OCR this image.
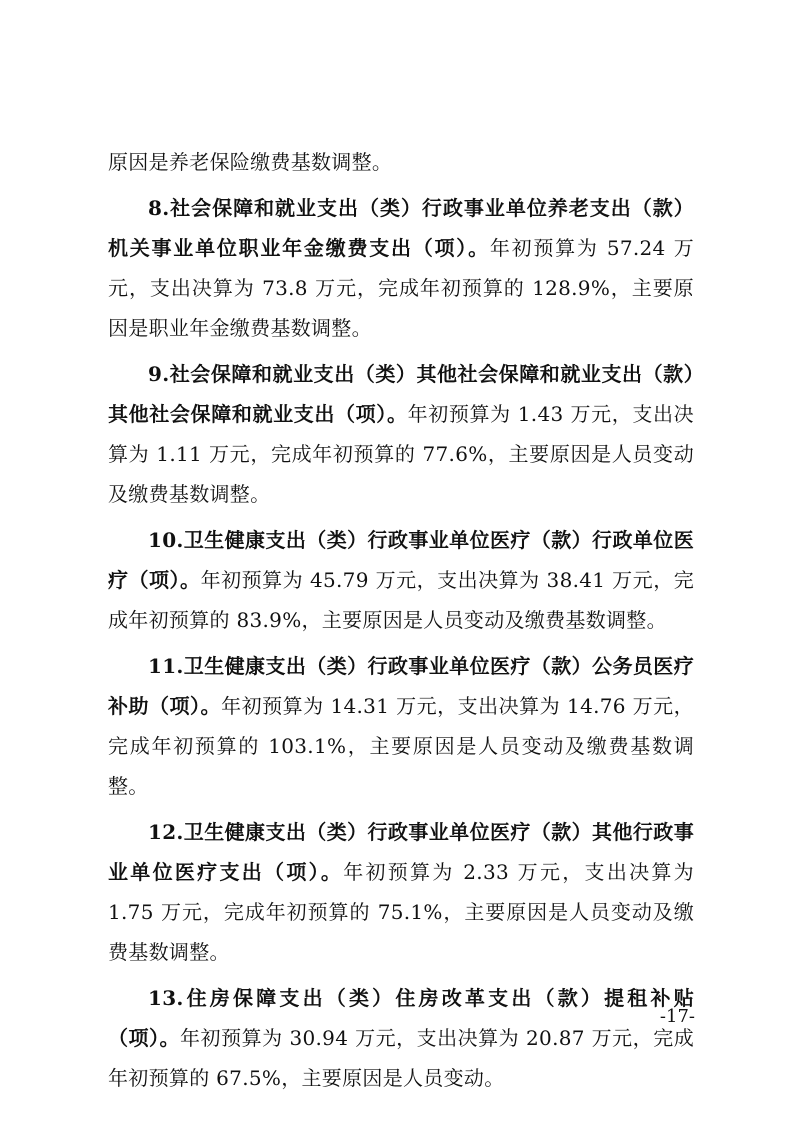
原因是养老保险缴费基数调整。

8.社会保障和就业支出（类）行政事业单位养老支出（款）机关事业单位职业年金缴费支出（项）。年初预算为 57.24 万元，支出决算为 73.8 万元，完成年初预算的 128.9%，主要原因是职业年金缴费基数调整。

9.社会保障和就业支出（类）其他社会保障和就业支出（款）其他社会保障和就业支出（项）。年初预算为 1.43 万元，支出决算为 1.11 万元，完成年初预算的 77.6%，主要原因是人员变动及缴费基数调整。

10.卫生健康支出（类）行政事业单位医疗（款）行政单位医疗（项）。年初预算为 45.79 万元，支出决算为 38.41 万元，完成年初预算的 83.9%，主要原因是人员变动及缴费基数调整。

11.卫生健康支出（类）行政事业单位医疗（款）公务员医疗补助（项）。年初预算为 14.31 万元，支出决算为 14.76 万元，完成年初预算的 103.1%，主要原因是人员变动及缴费基数调整。

12.卫生健康支出（类）行政事业单位医疗（款）其他行政事业单位医疗支出（项）。年初预算为 2.33 万元，支出决算为 1.75 万元，完成年初预算的 75.1%，主要原因是人员变动及缴费基数调整。

13.住房保障支出（类）住房改革支出（款）提租补贴（项）。年初预算为 30.94 万元，支出决算为 20.87 万元，完成年初预算的 67.5%，主要原因是人员变动。

-17-
